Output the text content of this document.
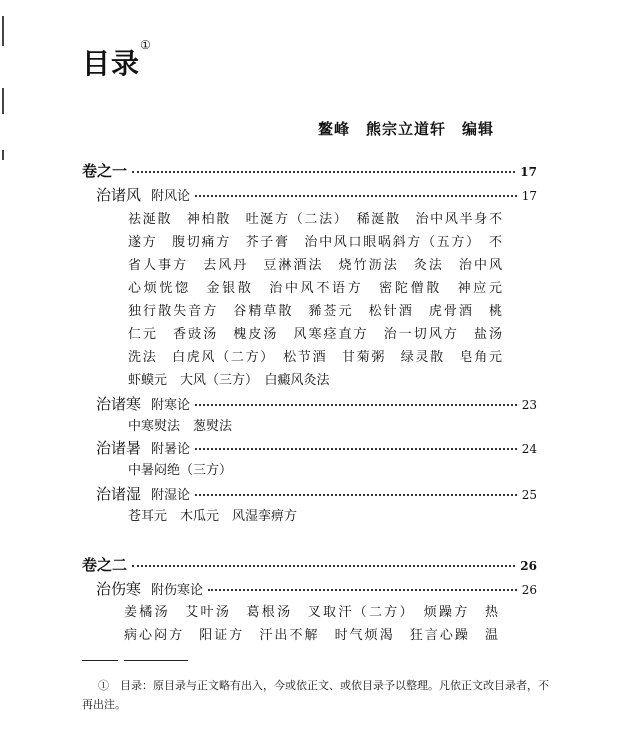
目录①
鳌峰　熊宗立道轩　编辑
卷之一	17
治诸风 附风论	17
祛涎散　神柏散　吐涎方（二法）　稀涎散　治中风半身不
遂方　腹切痛方　芥子膏　治中风口眼㖞斜方（五方）　不
省人事方　去风丹　豆淋酒法　烧竹沥法　灸法　治中风
心烦恍惚　金银散　治中风不语方　密陀僧散　神应元
独行散失音方　谷精草散　豨莶元　松针酒　虎骨酒　桃
仁元　香豉汤　槐皮汤　风寒痉直方　治一切风方　盐汤
洗法　白虎风（二方）　松节酒　甘菊粥　绿灵散　皂角元
虾蟆元　大风（三方）　白癜风灸法
治诸寒 附寒论	23
中寒熨法　葱熨法
治诸暑 附暑论	24
中暑闷绝（三方）
治诸湿 附湿论	25
苍耳元　木瓜元　风湿挛痹方
卷之二	26
治伤寒 附伤寒论	26
姜橘汤　艾叶汤　葛根汤　叉取汗（二方）　烦躁方　热
病心闷方　阳证方　汗出不解　时气烦渴　狂言心躁　温
①　目录：原目录与正文略有出入，今或依正文、或依目录予以整理。凡依正文改目录者，不再出注。
